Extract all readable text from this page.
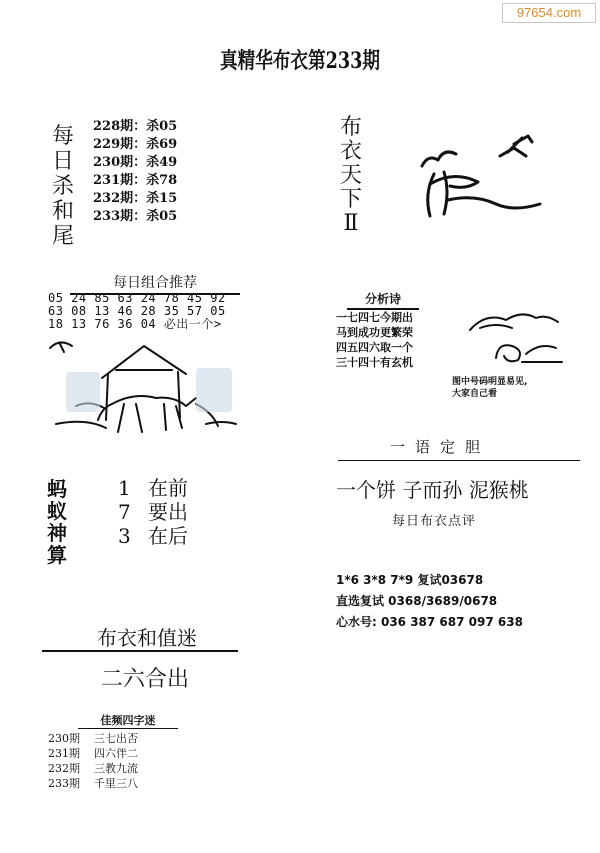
97654.com
真精华布衣第233期
每
日
杀
和
尾
228期：杀05
229期：杀69
230期：杀49
231期：杀78
232期：杀15
233期：杀05
每日组合推荐
05 24 85 63 24 78 45 92
63 08 13 46 28 35 57 05
18 13 76 36 04 必出一个>
蚂
蚁
神
算
1 在前
7 要出
3 在后
布衣和值迷
二六合出
佳频四字迷
230期 三七出否
231期 四六伴二
232期 三教九流
233期 千里三八
布
衣
天
下
Ⅱ
分析诗
一七四七今期出
马到成功更繁荣
四五四六取一个
三十四十有玄机
图中号码明显易见,
大家自己看
一语定胆
一个饼 子而孙 泥猴桃
每日布衣点评
1*6 3*8 7*9 复试03678
直选复试 0368/3689/0678
心水号: 036 387 687 097 638
